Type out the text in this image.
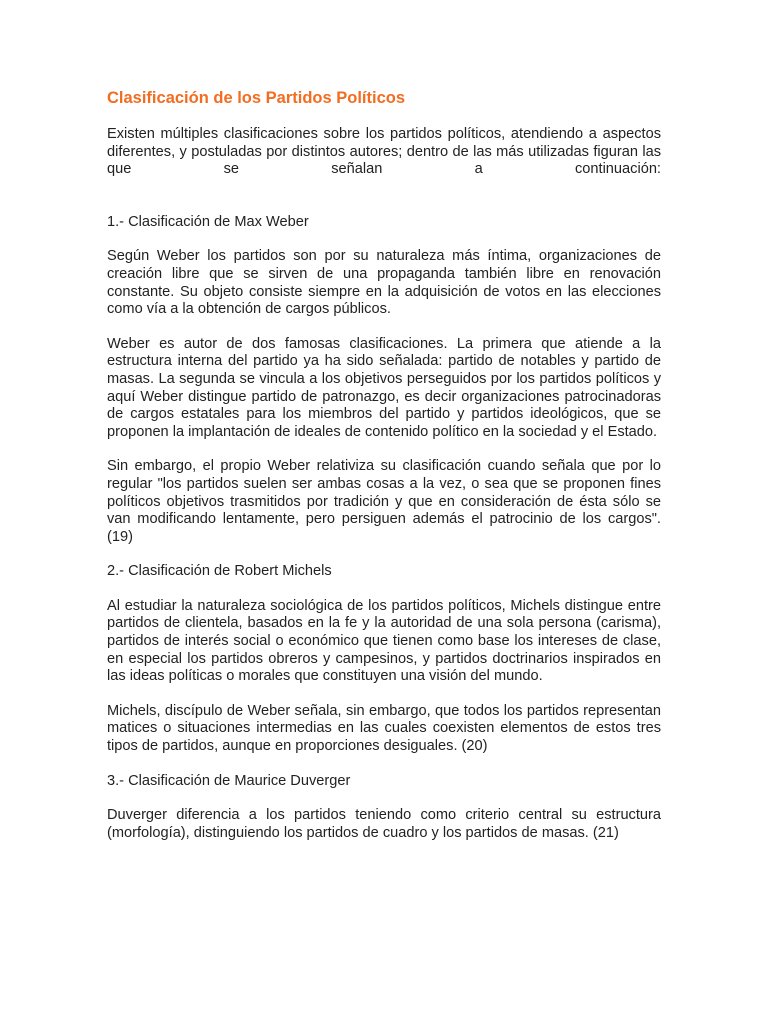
Clasificación de los Partidos Políticos
Existen múltiples clasificaciones sobre los partidos políticos, atendiendo a aspectos diferentes, y postuladas por distintos autores; dentro de las más utilizadas figuran las que se señalan a continuación:
1.- Clasificación de Max Weber
Según Weber los partidos son por su naturaleza más íntima, organizaciones de creación libre que se sirven de una propaganda también libre en renovación constante. Su objeto consiste siempre en la adquisición de votos en las elecciones como vía a la obtención de cargos públicos.
Weber es autor de dos famosas clasificaciones. La primera que atiende a la estructura interna del partido ya ha sido señalada: partido de notables y partido de masas. La segunda se vincula a los objetivos perseguidos por los partidos políticos y aquí Weber distingue partido de patronazgo, es decir organizaciones patrocinadoras de cargos estatales para los miembros del partido y partidos ideológicos, que se proponen la implantación de ideales de contenido político en la sociedad y el Estado.
Sin embargo, el propio Weber relativiza su clasificación cuando señala que por lo regular "los partidos suelen ser ambas cosas a la vez, o sea que se proponen fines políticos objetivos trasmitidos por tradición y que en consideración de ésta sólo se van modificando lentamente, pero persiguen además el patrocinio de los cargos". (19)
2.- Clasificación de Robert Michels
Al estudiar la naturaleza sociológica de los partidos políticos, Michels distingue entre partidos de clientela, basados en la fe y la autoridad de una sola persona (carisma), partidos de interés social o económico que tienen como base los intereses de clase, en especial los partidos obreros y campesinos, y partidos doctrinarios inspirados en las ideas políticas o morales que constituyen una visión del mundo.
Michels, discípulo de Weber señala, sin embargo, que todos los partidos representan matices o situaciones intermedias en las cuales coexisten elementos de estos tres tipos de partidos, aunque en proporciones desiguales. (20)
3.- Clasificación de Maurice Duverger
Duverger diferencia a los partidos teniendo como criterio central su estructura (morfología), distinguiendo los partidos de cuadro y los partidos de masas. (21)
